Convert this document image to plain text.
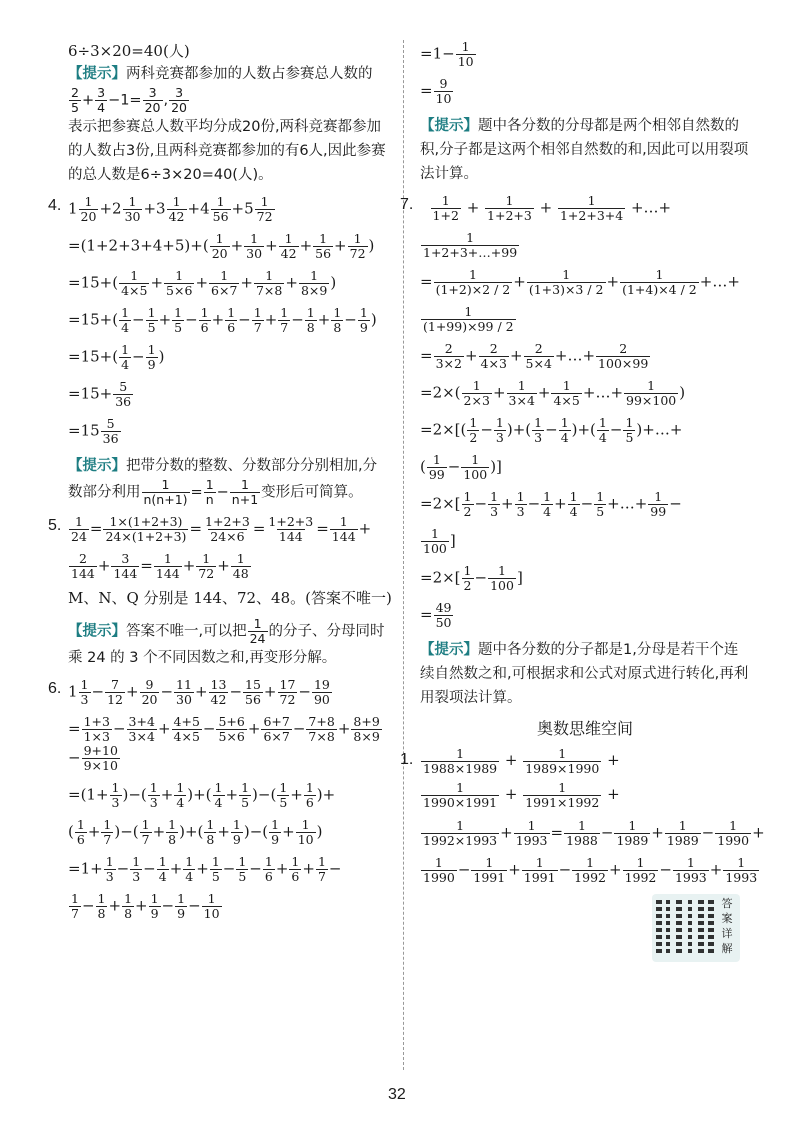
6÷3×20=40(人)
【提示】两科竞赛都参加的人数占参赛总人数的
$\frac{2}{5} + \frac{3}{4} -1= \frac{3}{20}$ , $\frac{3}{20}$
表示把参赛总人数平均分成20份,两科竞赛都参加的人数占3份,且两科竞赛都参加的有6人,因此参赛的总人数是6÷3×20=40(人)。
4. $1 \frac{1}{20} +2 \frac{1}{30} +3 \frac{1}{42} +4 \frac{1}{56} +5 \frac{1}{72}$
$=(1+2+3+4+5)+( \frac{1}{20} + \frac{1}{30} + \frac{1}{42} + \frac{1}{56} + \frac{1}{72}$ )
$=15+( \frac{1}{4\times 5} + \frac{1}{5\times 6} + \frac{1}{6\times 7} + \frac{1}{7\times 8} + \frac{1}{8\times 9}$ )
$=15+( \frac{1}{4} - \frac{1}{5} + \frac{1}{5} - \frac{1}{6} + \frac{1}{6} - \frac{1}{7} + \frac{1}{7} - \frac{1}{8} + \frac{1}{8} - \frac{1}{9}$ )
$=15+( \frac{1}{4} - \frac{1}{9}$ )
$=15+ \frac{5}{36}$
$=15 \frac{5}{36}$
【提示】把带分数的整数、分数部分分别相加,分数部分利用 $\frac{1}{n(n+1)} = \frac{1}{n} - \frac{1}{n+1}$ 变形后可简算。
5. $\frac{1}{24} = \frac{1\times(1+2+3)}{24\times(1+2+3)} = \frac{1+2+3}{24\times 6} = \frac{1+2+3}{144} = \frac{1}{144}$ +
$\frac{2}{144} + \frac{3}{144} = \frac{1}{144} + \frac{1}{72} + \frac{1}{48}$
M、N、Q 分别是 144、72、48。(答案不唯一)
【提示】答案不唯一,可以把 $\frac{1}{24}$ 的分子、分母同时乘 24 的 3 个不同因数之和,再变形分解。
6. $1 \frac{1}{3} - \frac{7}{12} + \frac{9}{20} - \frac{11}{30} + \frac{13}{42} - \frac{15}{56} + \frac{17}{72} - \frac{19}{90}$
= $\frac{1+3}{1\times 3} - \frac{3+4}{3\times 4} + \frac{4+5}{4\times 5} - \frac{5+6}{5\times 6} + \frac{6+7}{6\times 7} - \frac{7+8}{7\times 8} + \frac{8+9}{8\times 9}$
− $\frac{9+10}{9\times 10}$
$=(1+ \frac{1}{3}$ )−( $\frac{1}{3} + \frac{1}{4}$ )+( $\frac{1}{4} + \frac{1}{5}$ )−( $\frac{1}{5} + \frac{1}{6}$ )+
( $\frac{1}{6} + \frac{1}{7}$ )−( $\frac{1}{7} + \frac{1}{8}$ )+( $\frac{1}{8} + \frac{1}{9}$ )−( $\frac{1}{9} + \frac{1}{10}$ )
$=1+ \frac{1}{3} - \frac{1}{3} - \frac{1}{4} + \frac{1}{4} + \frac{1}{5} - \frac{1}{5} - \frac{1}{6} + \frac{1}{6} + \frac{1}{7}$ −
$\frac{1}{7} - \frac{1}{8} + \frac{1}{8} + \frac{1}{9} - \frac{1}{9} - \frac{1}{10}$
$=1- \frac{1}{10}$
= $\frac{9}{10}$
【提示】题中各分数的分母都是两个相邻自然数的积,分子都是这两个相邻自然数的和,因此可以用裂项法计算。
7.
$\frac{1}{1+2} + \frac{1}{1+2+3} + \frac{1}{1+2+3+4}$ +…+
$\frac{1}{1+2+3+\dots+99}$
= $\frac{1}{(1+2)\times 2 / 2} + \frac{1}{(1+3)\times 3 / 2} + \frac{1}{(1+4)\times 4 / 2}$ +…+
$\frac{1}{(1+99)\times 99 / 2}$
= $\frac{2}{3\times 2} + \frac{2}{4\times 3} + \frac{2}{5\times 4}$ +…+ $\frac{2}{100\times 99}$
$=2\times( \frac{1}{2\times 3} + \frac{1}{3\times 4} + \frac{1}{4\times 5}$ +…+ $\frac{1}{99\times 100}$ )
$=2\times[( \frac{1}{2} - \frac{1}{3}$ )+( $\frac{1}{3} - \frac{1}{4}$ )+( $\frac{1}{4} - \frac{1}{5}$ )+…+
( $\frac{1}{99} - \frac{1}{100}$ )]
$=2\times[ \frac{1}{2} - \frac{1}{3} + \frac{1}{3} - \frac{1}{4} + \frac{1}{4} - \frac{1}{5}$ +…+ $\frac{1}{99}$ −
$\frac{1}{100}$ ]
$=2\times[ \frac{1}{2} - \frac{1}{100}$ ]
= $\frac{49}{50}$
【提示】题中各分数的分子都是1,分母是若干个连续自然数之和,可根据求和公式对原式进行转化,再利用裂项法计算。
奥数思维空间
1. $\frac{1}{1988\times 1989} + \frac{1}{1989\times 1990}$ +
$\frac{1}{1990\times 1991} + \frac{1}{1991\times 1992}$ +
$\frac{1}{1992\times 1993} + \frac{1}{1993} = \frac{1}{1988} - \frac{1}{1989} + \frac{1}{1989} - \frac{1}{1990}$ +
$\frac{1}{1990} - \frac{1}{1991} + \frac{1}{1991} - \frac{1}{1992} + \frac{1}{1992} - \frac{1}{1993} + \frac{1}{1993}$
答案详解
32
